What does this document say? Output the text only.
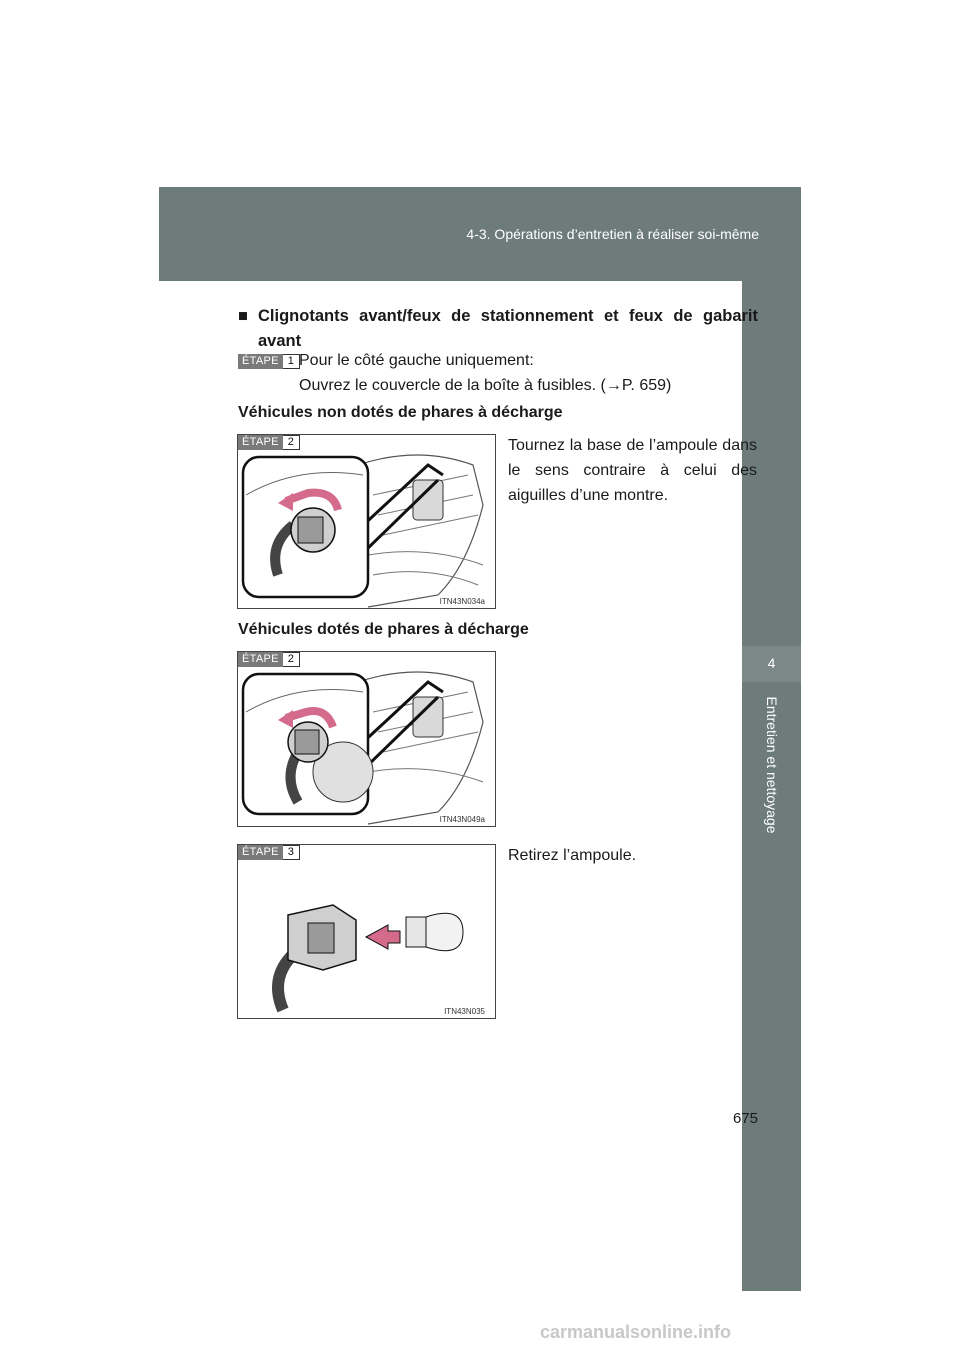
4-3. Opérations d’entretien à réaliser soi-même
4
Entretien et nettoyage
■ Clignotants avant/feux de stationnement et feux de gabarit avant
ÉTAPE 1 Pour le côté gauche uniquement:
Ouvrez le couvercle de la boîte à fusibles. (→P. 659)
Véhicules non dotés de phares à décharge
ÉTAPE 2
ITN43N034a
Tournez la base de l’ampoule dans le sens contraire à celui des aiguilles d’une montre.
Véhicules dotés de phares à décharge
ÉTAPE 2
ITN43N049a
ÉTAPE 3
ITN43N035
Retirez l’ampoule.
675
carmanualsonline.info
